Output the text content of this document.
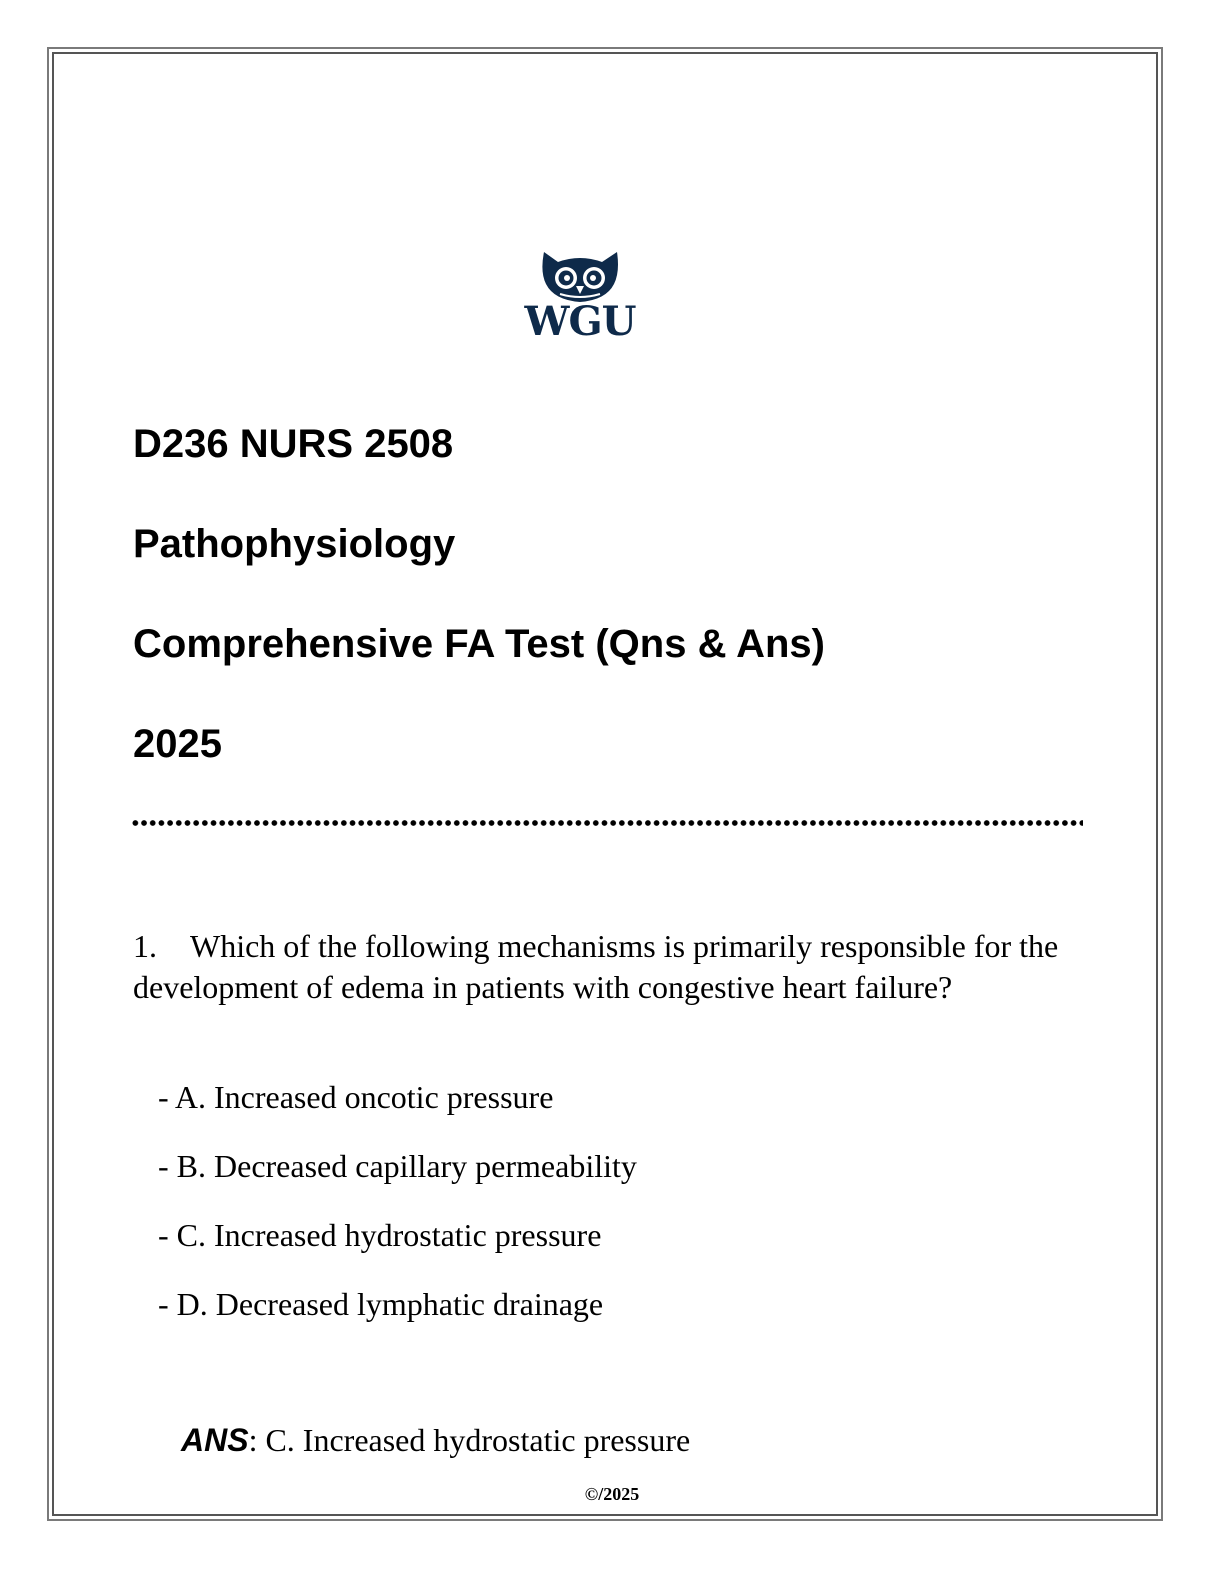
WGU
D236 NURS 2508
Pathophysiology
Comprehensive FA Test (Qns & Ans)
2025
1. Which of the following mechanisms is primarily responsible for the development of edema in patients with congestive heart failure?
- A. Increased oncotic pressure
- B. Decreased capillary permeability
- C. Increased hydrostatic pressure
- D. Decreased lymphatic drainage
ANS: C. Increased hydrostatic pressure
©/2025
